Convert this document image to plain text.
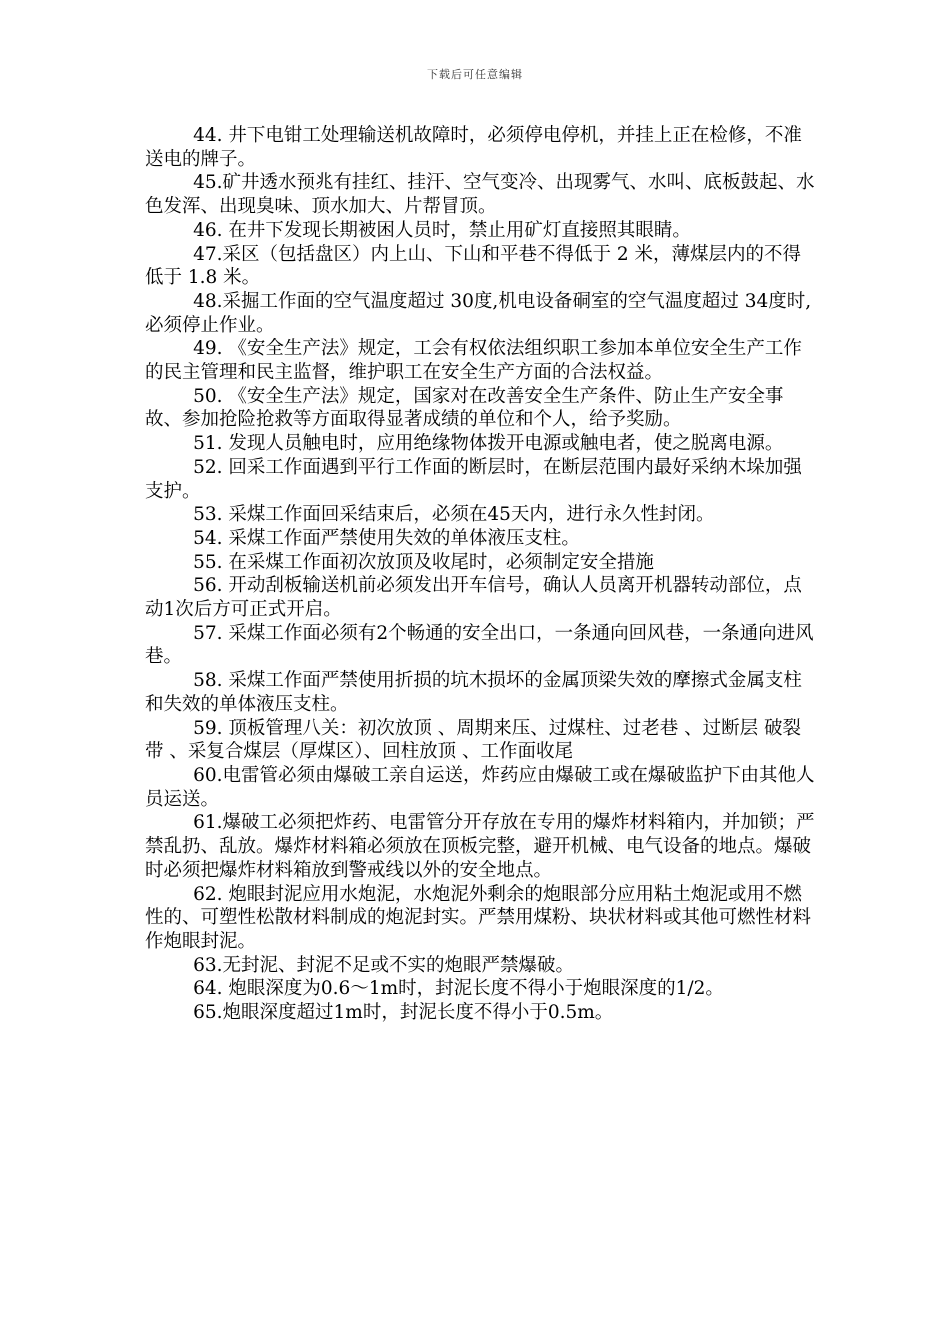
下载后可任意编辑

44. 井下电钳工处理输送机故障时，必须停电停机，并挂上正在检修，不准送电的牌子。

45.矿井透水预兆有挂红、挂汗、空气变冷、出现雾气、水叫、底板鼓起、水色发浑、出现臭味、顶水加大、片帮冒顶。

46. 在井下发现长期被困人员时，禁止用矿灯直接照其眼睛。

47.采区（包括盘区）内上山、下山和平巷不得低于 2 米，薄煤层内的不得低于 1.8 米。

48.采掘工作面的空气温度超过 30度,机电设备硐室的空气温度超过 34度时,必须停止作业。

49. 《安全生产法》规定，工会有权依法组织职工参加本单位安全生产工作的民主管理和民主监督，维护职工在安全生产方面的合法权益。

50. 《安全生产法》规定，国家对在改善安全生产条件、防止生产安全事故、参加抢险抢救等方面取得显著成绩的单位和个人，给予奖励。

51. 发现人员触电时，应用绝缘物体拨开电源或触电者，使之脱离电源。

52. 回采工作面遇到平行工作面的断层时，在断层范围内最好采纳木垛加强支护。

53. 采煤工作面回采结束后，必须在45天内，进行永久性封闭。

54. 采煤工作面严禁使用失效的单体液压支柱。

55. 在采煤工作面初次放顶及收尾时，必须制定安全措施

56. 开动刮板输送机前必须发出开车信号，确认人员离开机器转动部位，点动1次后方可正式开启。

57. 采煤工作面必须有2个畅通的安全出口，一条通向回风巷，一条通向进风巷。

58. 采煤工作面严禁使用折损的坑木损坏的金属顶梁失效的摩擦式金属支柱和失效的单体液压支柱。

59. 顶板管理八关：初次放顶 、周期来压、过煤柱、过老巷 、过断层 破裂带 、采复合煤层（厚煤区）、回柱放顶 、工作面收尾

60.电雷管必须由爆破工亲自运送，炸药应由爆破工或在爆破监护下由其他人员运送。

61.爆破工必须把炸药、电雷管分开存放在专用的爆炸材料箱内，并加锁；严禁乱扔、乱放。爆炸材料箱必须放在顶板完整，避开机械、电气设备的地点。爆破时必须把爆炸材料箱放到警戒线以外的安全地点。

62. 炮眼封泥应用水炮泥，水炮泥外剩余的炮眼部分应用粘土炮泥或用不燃性的、可塑性松散材料制成的炮泥封实。严禁用煤粉、块状材料或其他可燃性材料作炮眼封泥。

63.无封泥、封泥不足或不实的炮眼严禁爆破。

64. 炮眼深度为0.6～1m时，封泥长度不得小于炮眼深度的1/2。

65.炮眼深度超过1m时，封泥长度不得小于0.5m。
